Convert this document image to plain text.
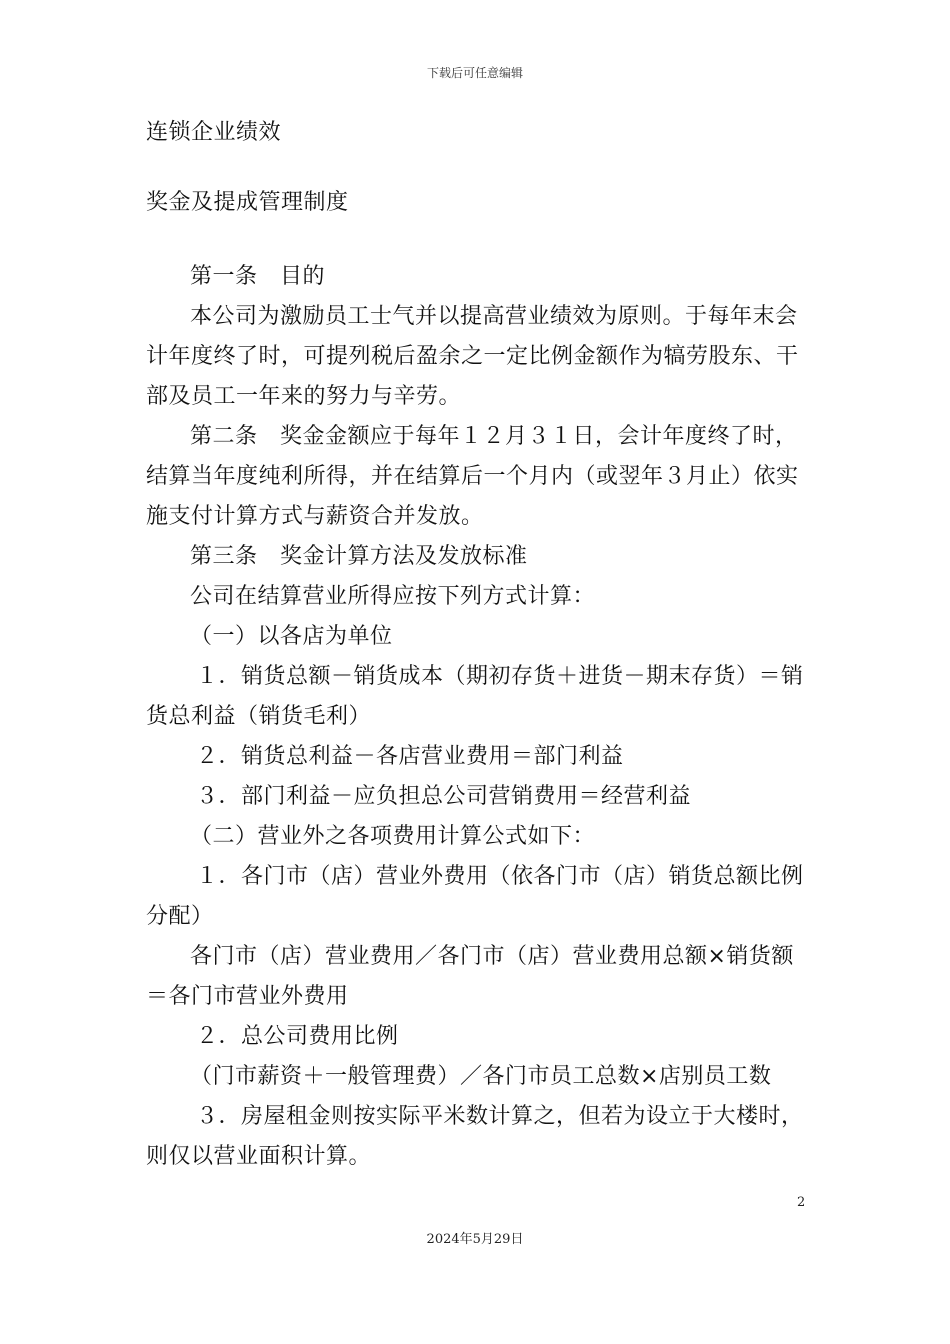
下载后可任意编辑

连锁企业绩效

奖金及提成管理制度

第一条　目的

本公司为激励员工士气并以提高营业绩效为原则。于每年末会计年度终了时，可提列税后盈余之一定比例金额作为犒劳股东、干部及员工一年来的努力与辛劳。

第二条　奖金金额应于每年１２月３１日，会计年度终了时，结算当年度纯利所得，并在结算后一个月内（或翌年３月止）依实施支付计算方式与薪资合并发放。

第三条　奖金计算方法及发放标准

公司在结算营业所得应按下列方式计算：

（一）以各店为单位

１．销货总额－销货成本（期初存货＋进货－期末存货）＝销货总利益（销货毛利）

２．销货总利益－各店营业费用＝部门利益

３．部门利益－应负担总公司营销费用＝经营利益

（二）营业外之各项费用计算公式如下：

１．各门市（店）营业外费用（依各门市（店）销货总额比例分配）

各门市（店）营业费用／各门市（店）营业费用总额×销货额＝各门市营业外费用

２．总公司费用比例

（门市薪资＋一般管理费）／各门市员工总数×店别员工数

３．房屋租金则按实际平米数计算之，但若为设立于大楼时，则仅以营业面积计算。

2
2024年5月29日
